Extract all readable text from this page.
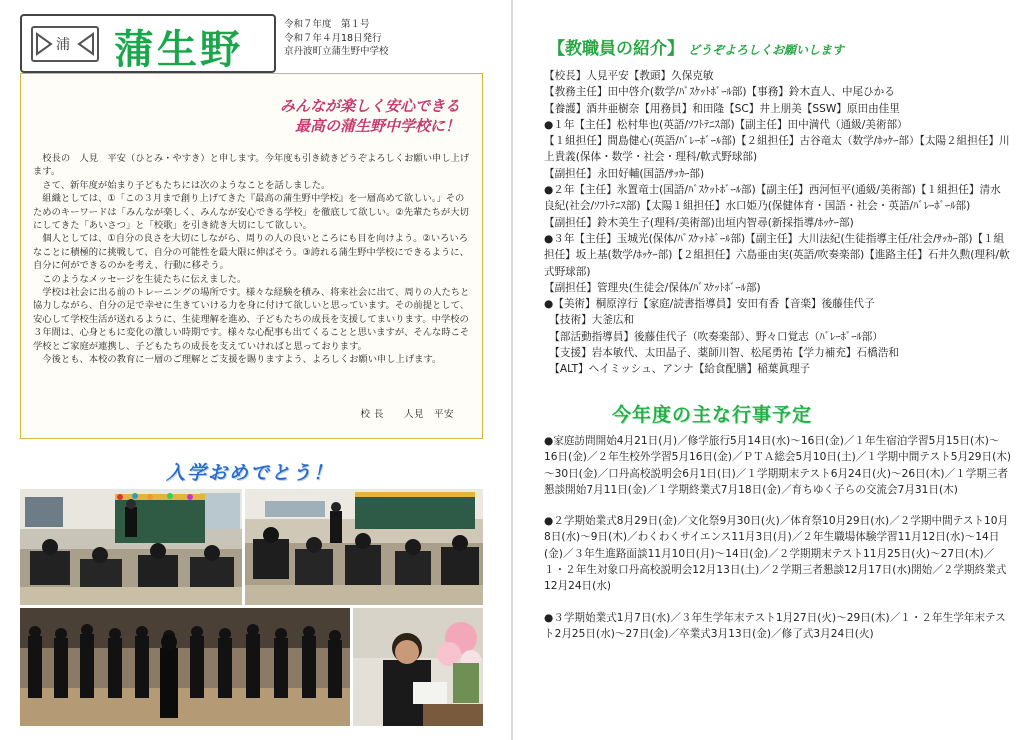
浦 蒲生野
令和７年度　第１号
令和７年４月18日発行
京丹波町立蒲生野中学校
みんなが楽しく安心できる
最高の蒲生野中学校に！

校長の　人見　平安（ひとみ・やすき）と申します。今年度も引き続きどうぞよろしくお願い申し上げます。

さて、新年度が始まり子どもたちには次のようなことを話しました。

組織としては、①「この３月まで創り上げてきた『最高の蒲生野中学校』を一層高めて欲しい。」そのためのキーワードは「みんなが楽しく、みんなが安心できる学校」を徹底して欲しい。②先輩たちが大切にしてきた「あいさつ」と「校歌」を引き続き大切にして欲しい。

個人としては、①自分の良さを大切にしながら、周りの人の良いところにも目を向けよう。②いろいろなことに積極的に挑戦して、自分の可能性を最大限に伸ばそう。③誇れる蒲生野中学校にできるように、自分に何ができるのかを考え、行動に移そう。

このようなメッセージを生徒たちに伝えました。

学校は社会に出る前のトレーニングの場所です。様々な経験を積み、将来社会に出て、周りの人たちと協力しながら、自分の足で幸せに生きていける力を身に付けて欲しいと思っています。その前提として、安心して学校生活が送れるように、生徒理解を進め、子どもたちの成長を支援してまいります。中学校の３年間は、心身ともに変化の激しい時期です。様々な心配事も出てくることと思いますが、そんな時こそ学校とご家庭が連携し、子どもたちの成長を支えていければと思っております。

今後とも、本校の教育に一層のご理解とご支援を賜りますよう、よろしくお願い申し上げます。

校 長　　人見　平安
入学おめでとう！
【教職員の紹介】 どうぞよろしくお願いします
【校長】人見平安【教頭】久保克敏
【教務主任】田中啓介(数学/ﾊﾞｽｹｯﾄﾎﾞｰﾙ部)【事務】鈴木直人、中尾ひかる
【養護】酒井亜樹奈【用務員】和田隆【SC】井上朋美【SSW】原田由佳里
●１年【主任】松村隼也(英語/ｿﾌﾄﾃﾆｽ部)【副主任】田中満代（通級/美術部）
【１組担任】間島健心(英語/ﾊﾞﾚｰﾎﾞｰﾙ部)【２組担任】古谷竜太（数学/ﾎｯｹｰ部）【太陽２組担任】川上貴義(保体・数学・社会・理科/軟式野球部)
【副担任】永田好輔(国語/ｻｯｶｰ部)
●２年【主任】氷置竜士(国語/ﾊﾞｽｹｯﾄﾎﾞｰﾙ部)【副主任】西河恒平(通級/美術部)【１組担任】清水良紀(社会/ｿﾌﾄﾃﾆｽ部)【太陽１組担任】水口姫乃(保健体育・国語・社会・英語/ﾊﾞﾚｰﾎﾞｰﾙ部)
【副担任】鈴木美生子(理科/美術部)出垣内智尋(新採指導/ﾎｯｹｰ部)
●３年【主任】玉城光(保体/ﾊﾞｽｹｯﾄﾎﾞｰﾙ部)【副主任】大川法紀(生徒指導主任/社会/ｻｯｶｰ部)【１組担任】坂上基(数学/ﾎｯｹｰ部)【２組担任】六島亜由実(英語/吹奏楽部)【進路主任】石井久勲(理科/軟式野球部)
【副担任】管理央(生徒会/保体/ﾊﾞｽｹｯﾄﾎﾞｰﾙ部)
●【美術】桐原淳行【家庭/読書指導員】安田有香【音楽】後藤佳代子
　【技術】大釜広和
　【部活動指導員】後藤佳代子（吹奏楽部）、野々口覚志（ﾊﾞﾚｰﾎﾞｰﾙ部）
　【支援】岩本敏代、太田晶子、薬師川智、松尾勇祐【学力補充】石橋浩和
　【ALT】ヘイミッシュ、アンナ【給食配膳】稲葉眞理子
今年度の主な行事予定

●家庭訪問開始4月21日(月)／修学旅行5月14日(水)～16日(金)／１年生宿泊学習5月15日(木)～16日(金)／２年生校外学習5月16日(金)／ＰＴＡ総会5月10日(土)／１学期中間テスト5月29日(木)～30日(金)／口丹高校説明会6月1日(日)／１学期期末テスト6月24日(火)～26日(木)／１学期三者懇談開始7月11日(金)／１学期終業式7月18日(金)／育ちゆく子らの交流会7月31日(木)

●２学期始業式8月29日(金)／文化祭9月30日(火)／体育祭10月29日(水)／２学期中間テスト10月8日(水)～9日(木)／わくわくサイエンス11月3日(月)／２年生職場体験学習11月12日(水)～14日(金)／３年生進路面談11月10日(月)～14日(金)／２学期期末テスト11月25日(火)～27日(木)／１・２年生対象口丹高校説明会12月13日(土)／２学期三者懇談12月17日(水)開始／２学期終業式12月24日(水)

●３学期始業式1月7日(水)／３年生学年末テスト1月27日(火)～29日(木)／１・２年生学年末テスト2月25日(水)～27日(金)／卒業式3月13日(金)／修了式3月24日(火)
